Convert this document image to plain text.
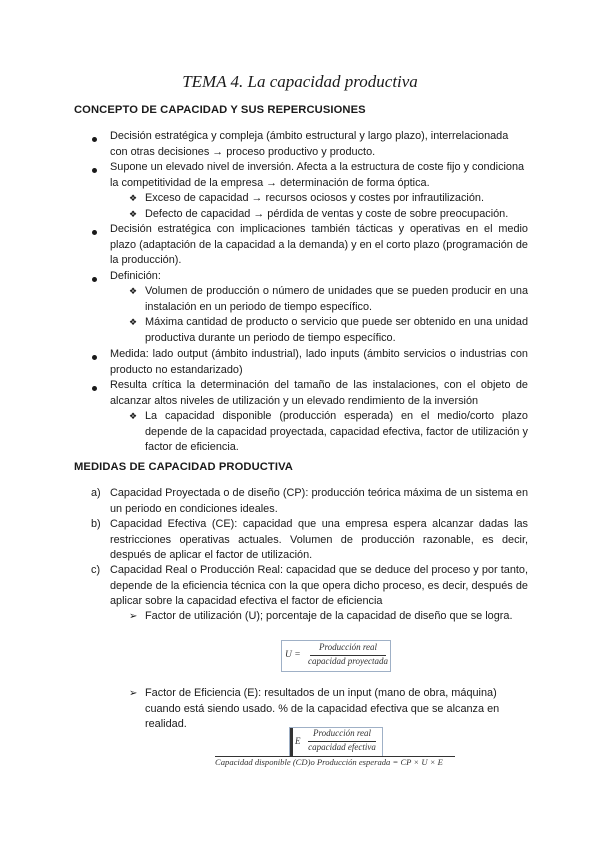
TEMA 4. La capacidad productiva
CONCEPTO DE CAPACIDAD Y SUS REPERCUSIONES
Decisión estratégica y compleja (ámbito estructural y largo plazo), interrelacionada con otras decisiones → proceso productivo y producto.
Supone un elevado nivel de inversión. Afecta a la estructura de coste fijo y condiciona la competitividad de la empresa → determinación de forma óptica.
❖ Exceso de capacidad → recursos ociosos y costes por infrautilización.
❖ Defecto de capacidad → pérdida de ventas y coste de sobre preocupación.
Decisión estratégica con implicaciones también tácticas y operativas en el medio plazo (adaptación de la capacidad a la demanda) y en el corto plazo (programación de la producción).
Definición:
❖ Volumen de producción o número de unidades que se pueden producir en una instalación en un periodo de tiempo específico.
❖ Máxima cantidad de producto o servicio que puede ser obtenido en una unidad productiva durante un periodo de tiempo específico.
Medida: lado output (ámbito industrial), lado inputs (ámbito servicios o industrias con producto no estandarizado)
Resulta crítica la determinación del tamaño de las instalaciones, con el objeto de alcanzar altos niveles de utilización y un elevado rendimiento de la inversión
❖ La capacidad disponible (producción esperada) en el medio/corto plazo depende de la capacidad proyectada, capacidad efectiva, factor de utilización y factor de eficiencia.
MEDIDAS DE CAPACIDAD PRODUCTIVA
a) Capacidad Proyectada o de diseño (CP): producción teórica máxima de un sistema en un periodo en condiciones ideales.
b) Capacidad Efectiva (CE): capacidad que una empresa espera alcanzar dadas las restricciones operativas actuales. Volumen de producción razonable, es decir, después de aplicar el factor de utilización.
c) Capacidad Real o Producción Real: capacidad que se deduce del proceso y por tanto, depende de la eficiencia técnica con la que opera dicho proceso, es decir, después de aplicar sobre la capacidad efectiva el factor de eficiencia
➢ Factor de utilización (U); porcentaje de la capacidad de diseño que se logra.
U =
Producción real
capacidad proyectada
➢ Factor de Eficiencia (E): resultados de un input (mano de obra, máquina) cuando está siendo usado. % de la capacidad efectiva que se alcanza en realidad.
E
Producción real
capacidad efectiva
Capacidad disponible (CD)o Producción esperada = CP × U × E
